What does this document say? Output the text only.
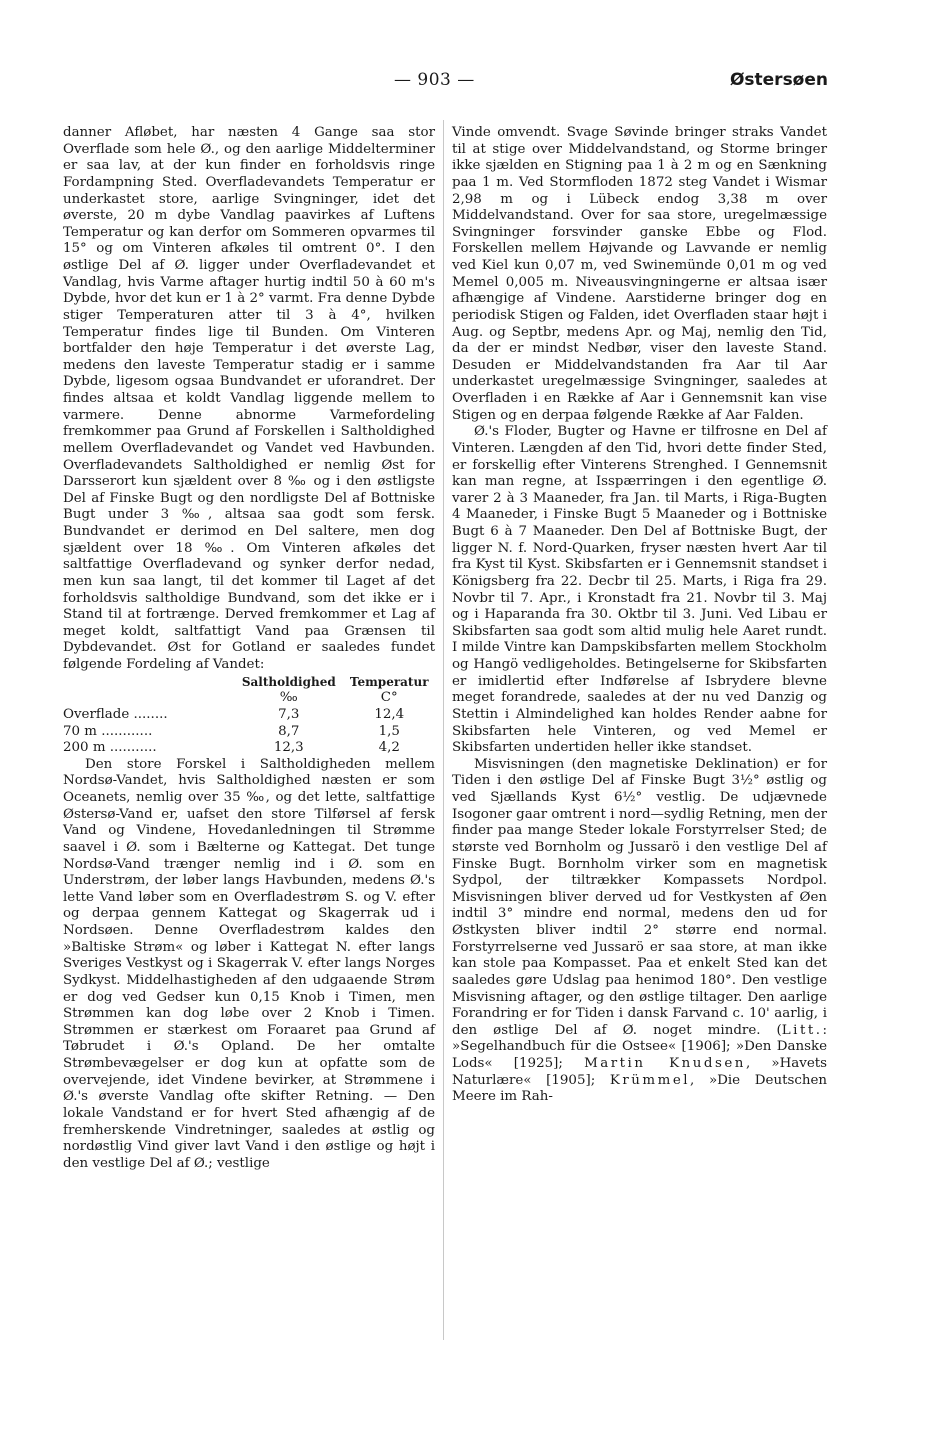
— 903 —	Østersøen

danner Afløbet, har næsten 4 Gange saa stor Overflade som hele Ø., og den aarlige Middelterminer er saa lav, at der kun finder en forholdsvis ringe Fordampning Sted. Overfladevandets Temperatur er underkastet store, aarlige Svingninger, idet det øverste, 20 m dybe Vandlag paavirkes af Luftens Temperatur og kan derfor om Sommeren opvarmes til 15° og om Vinteren afkøles til omtrent 0°. I den østlige Del af Ø. ligger under Overfladevandet et Vandlag, hvis Varme aftager hurtig indtil 50 à 60 m's Dybde, hvor det kun er 1 à 2° varmt. Fra denne Dybde stiger Temperaturen atter til 3 à 4°, hvilken Temperatur findes lige til Bunden. Om Vinteren bortfalder den høje Temperatur i det øverste Lag, medens den laveste Temperatur stadig er i samme Dybde, ligesom ogsaa Bundvandet er uforandret. Der findes altsaa et koldt Vandlag liggende mellem to varmere. Denne abnorme Varmefordeling fremkommer paa Grund af Forskellen i Saltholdighed mellem Overfladevandet og Vandet ved Havbunden. Overfladevandets Saltholdighed er nemlig Øst for Darsserort kun sjældent over 8 ‰ og i den østligste Del af Finske Bugt og den nordligste Del af Bottniske Bugt under 3 ‰, altsaa saa godt som fersk. Bundvandet er derimod en Del saltere, men dog sjældent over 18 ‰. Om Vinteren afkøles det saltfattige Overfladevand og synker derfor nedad, men kun saa langt, til det kommer til Laget af det forholdsvis saltholdige Bundvand, som det ikke er i Stand til at fortrænge. Derved fremkommer et Lag af meget koldt, saltfattigt Vand paa Grænsen til Dybdevandet. Øst for Gotland er saaledes fundet følgende Fordeling af Vandet:

	Saltholdighed	Temperatur
	‰	C°
Overflade ........	7,3	12,4
70 m ............	8,7	1,5
200 m ...........	12,3	4,2

Den store Forskel i Saltholdigheden mellem Nordsø-Vandet, hvis Saltholdighed næsten er som Oceanets, nemlig over 35 ‰, og det lette, saltfattige Østersø-Vand er, uafset den store Tilførsel af fersk Vand og Vindene, Hovedanledningen til Strømme saavel i Ø. som i Bælterne og Kattegat. Det tunge Nordsø-Vand trænger nemlig ind i Ø. som en Understrøm, der løber langs Havbunden, medens Ø.'s lette Vand løber som en Overfladestrøm S. og V. efter og derpaa gennem Kattegat og Skagerrak ud i Nordsøen. Denne Overfladestrøm kaldes den »Baltiske Strøm« og løber i Kattegat N. efter langs Sveriges Vestkyst og i Skagerrak V. efter langs Norges Sydkyst. Middelhastigheden af den udgaaende Strøm er dog ved Gedser kun 0,15 Knob i Timen, men Strømmen kan dog løbe over 2 Knob i Timen. Strømmen er stærkest om Foraaret paa Grund af Tøbrudet i Ø.'s Opland. De her omtalte Strømbevægelser er dog kun at opfatte som de overvejende, idet Vindene bevirker, at Strømmene i Ø.'s øverste Vandlag ofte skifter Retning. — Den lokale Vandstand er for hvert Sted afhængig af de fremherskende Vindretninger, saaledes at østlig og nordøstlig Vind giver lavt Vand i den østlige og højt i den vestlige Del af Ø.; vestlige

Vinde omvendt. Svage Søvinde bringer straks Vandet til at stige over Middelvandstand, og Storme bringer ikke sjælden en Stigning paa 1 à 2 m og en Sænkning paa 1 m. Ved Stormfloden 1872 steg Vandet i Wismar 2,98 m og i Lübeck endog 3,38 m over Middelvandstand. Over for saa store, uregelmæssige Svingninger forsvinder ganske Ebbe og Flod. Forskellen mellem Højvande og Lavvande er nemlig ved Kiel kun 0,07 m, ved Swinemünde 0,01 m og ved Memel 0,005 m. Niveausvingningerne er altsaa især afhængige af Vindene. Aarstiderne bringer dog en periodisk Stigen og Falden, idet Overfladen staar højt i Aug. og Septbr, medens Apr. og Maj, nemlig den Tid, da der er mindst Nedbør, viser den laveste Stand. Desuden er Middelvandstanden fra Aar til Aar underkastet uregelmæssige Svingninger, saaledes at Overfladen i en Række af Aar i Gennemsnit kan vise Stigen og en derpaa følgende Række af Aar Falden.

Ø.'s Floder, Bugter og Havne er tilfrosne en Del af Vinteren. Længden af den Tid, hvori dette finder Sted, er forskellig efter Vinterens Strenghed. I Gennemsnit kan man regne, at Isspærringen i den egentlige Ø. varer 2 à 3 Maaneder, fra Jan. til Marts, i Riga-Bugten 4 Maaneder, i Finske Bugt 5 Maaneder og i Bottniske Bugt 6 à 7 Maaneder. Den Del af Bottniske Bugt, der ligger N. f. Nord-Quarken, fryser næsten hvert Aar til fra Kyst til Kyst. Skibsfarten er i Gennemsnit standset i Königsberg fra 22. Decbr til 25. Marts, i Riga fra 29. Novbr til 7. Apr., i Kronstadt fra 21. Novbr til 3. Maj og i Haparanda fra 30. Oktbr til 3. Juni. Ved Libau er Skibsfarten saa godt som altid mulig hele Aaret rundt. I milde Vintre kan Dampskibsfarten mellem Stockholm og Hangö vedligeholdes. Betingelserne for Skibsfarten er imidlertid efter Indførelse af Isbrydere blevne meget forandrede, saaledes at der nu ved Danzig og Stettin i Almindelighed kan holdes Render aabne for Skibsfarten hele Vinteren, og ved Memel er Skibsfarten undertiden heller ikke standset.

Misvisningen (den magnetiske Deklination) er for Tiden i den østlige Del af Finske Bugt 3½° østlig og ved Sjællands Kyst 6½° vestlig. De udjævnede Isogoner gaar omtrent i nord—sydlig Retning, men der finder paa mange Steder lokale Forstyrrelser Sted; de største ved Bornholm og Jussarö i den vestlige Del af Finske Bugt. Bornholm virker som en magnetisk Sydpol, der tiltrækker Kompassets Nordpol. Misvisningen bliver derved ud for Vestkysten af Øen indtil 3° mindre end normal, medens den ud for Østkysten bliver indtil 2° større end normal. Forstyrrelserne ved Jussarö er saa store, at man ikke kan stole paa Kompasset. Paa et enkelt Sted kan det saaledes gøre Udslag paa henimod 180°. Den vestlige Misvisning aftager, og den østlige tiltager. Den aarlige Forandring er for Tiden i dansk Farvand c. 10' aarlig, i den østlige Del af Ø. noget mindre. (Litt.: »Segelhandbuch für die Ostsee« [1906]; »Den Danske Lods« [1925]; Martin Knudsen, »Havets Naturlære« [1905]; Krümmel, »Die Deutschen Meere im Rah-
